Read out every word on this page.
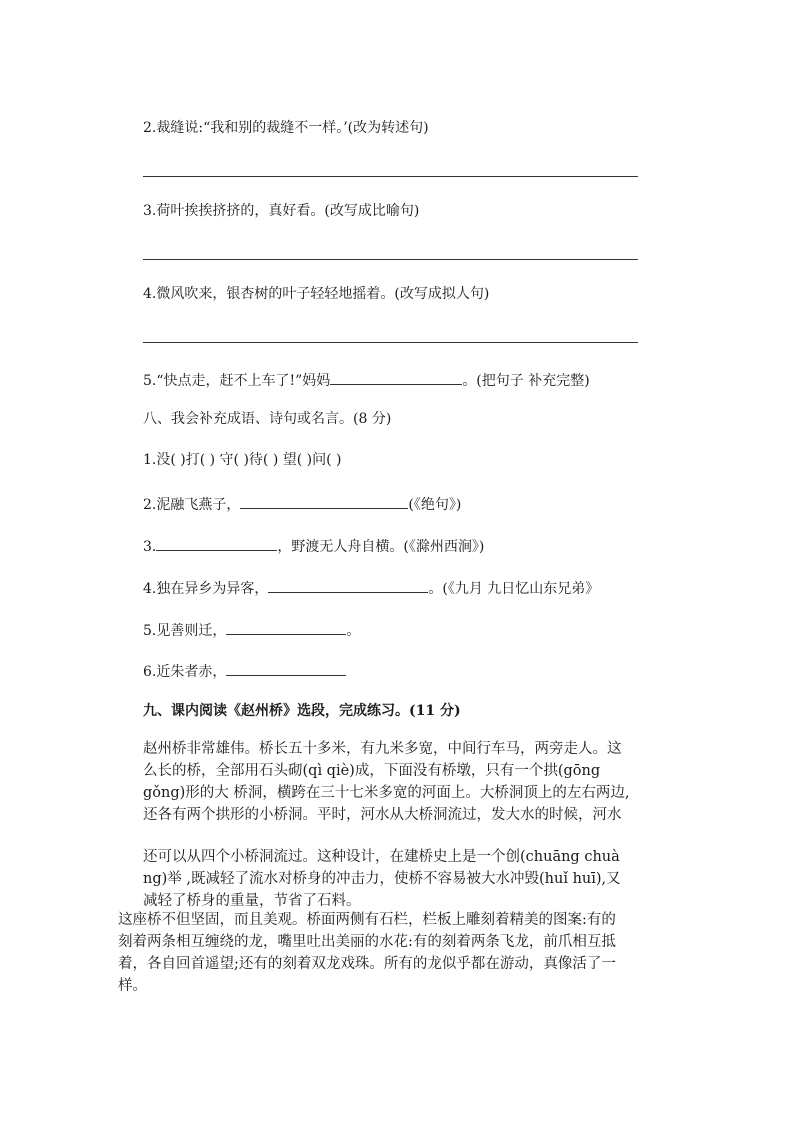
2.裁缝说:“我和别的裁缝不一样。’(改为转述句)
3.荷叶挨挨挤挤的，真好看。(改写成比喻句)
4.微风吹来，银杏树的叶子轻轻地摇着。(改写成拟人句)
5.“快点走，赶不上车了!”妈妈	。(把句子 补充完整)
八、我会补充成语、诗句或名言。(8 分)
1.没( )打( ) 守( )待( ) 望( )问( )
2.泥融飞燕子，	(《绝句》)
3.	，野渡无人舟自横。(《滁州西涧》)
4.独在异乡为异客，	。(《九月 九日忆山东兄弟》
5.见善则迁，	。
6.近朱者赤，
九、课内阅读《赵州桥》选段，完成练习。(11 分)
赵州桥非常雄伟。桥长五十多米，有九米多宽，中间行车马，两旁走人。这
么长的桥，全部用石头砌(qì qiè)成，下面没有桥墩，只有一个拱(gōng
gǒng)形的大 桥洞，横跨在三十七米多宽的河面上。大桥洞顶上的左右两边,
还各有两个拱形的小桥洞。平时，河水从大桥洞流过，发大水的时候，河水
还可以从四个小桥洞流过。这种设计，在建桥史上是一个创(chuāng chuà
ng)举 ,既减轻了流水对桥身的冲击力，使桥不容易被大水冲毁(huǐ huī),又
减轻了桥身的重量，节省了石料。
这座桥不但坚固，而且美观。桥面两侧有石栏，栏板上雕刻着精美的图案:有的
刻着两条相互缠绕的龙，嘴里吐出美丽的水花:有的刻着两条飞龙，前爪相互抵
着，各自回首遥望;还有的刻着双龙戏珠。所有的龙似乎都在游动，真像活了一
样。
